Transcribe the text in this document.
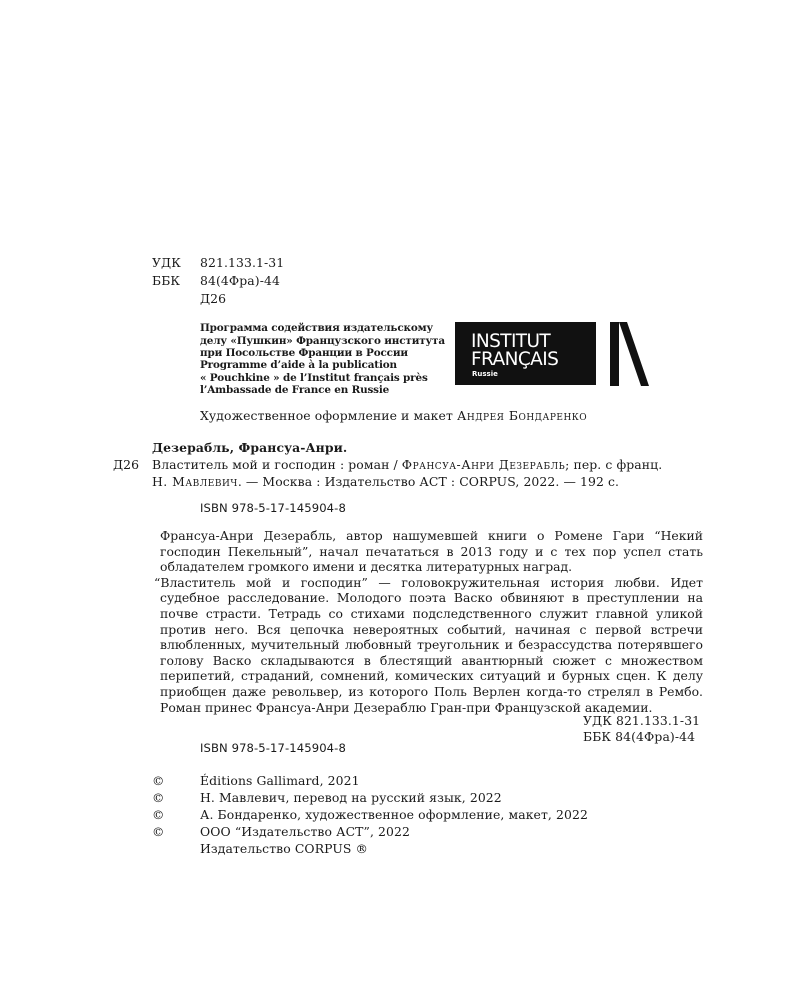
УДК 821.133.1-31
ББК 84(4Фра)-44
Д26
Программа содействия издательскому
делу «Пушкин» Французского института
при Посольстве Франции в России
Programme d’aide à la publication
« Pouchkine » de l’Institut français près
l’Ambassade de France en Russie
INSTITUT
FRANÇAIS
Russie
Художественное оформление и макет Андрея Бондаренко
Дезерабль, Франсуа-Анри.
Д26 Властитель мой и господин : роман / Франсуа-Анри Дезерабль; пер. с франц.
Н. Мавлевич. — Москва : Издательство АСТ : CORPUS, 2022. — 192 с.
ISBN 978-5-17-145904-8

Франсуа-Анри Дезерабль, автор нашумевшей книги о Ромене Гари “Некий господин Пекельный”, начал печататься в 2013 году и с тех пор успел стать обладателем громкого имени и десятка литературных наград.

“Властитель мой и господин” — головокружительная история любви. Идет судебное расследование. Молодого поэта Васко обвиняют в преступлении на почве страсти. Тетрадь со стихами подследственного служит главной уликой против него. Вся цепочка невероятных событий, начиная с первой встречи влюбленных, мучительный любовный треугольник и безрассудства потерявшего голову Васко складываются в блестящий авантюрный сюжет с множеством перипетий, страданий, сомнений, комических ситуаций и бурных сцен. К делу приобщен даже револьвер, из которого Поль Верлен когда-то стрелял в Рембо. Роман принес Франсуа-Анри Дезераблю Гран-при Французской академии.

УДК 821.133.1-31
ББК 84(4Фра)-44
ISBN 978-5-17-145904-8
©	Éditions Gallimard, 2021
©	Н. Мавлевич, перевод на русский язык, 2022
©	А. Бондаренко, художественное оформление, макет, 2022
©	ООО “Издательство АСТ”, 2022
Издательство CORPUS ®
